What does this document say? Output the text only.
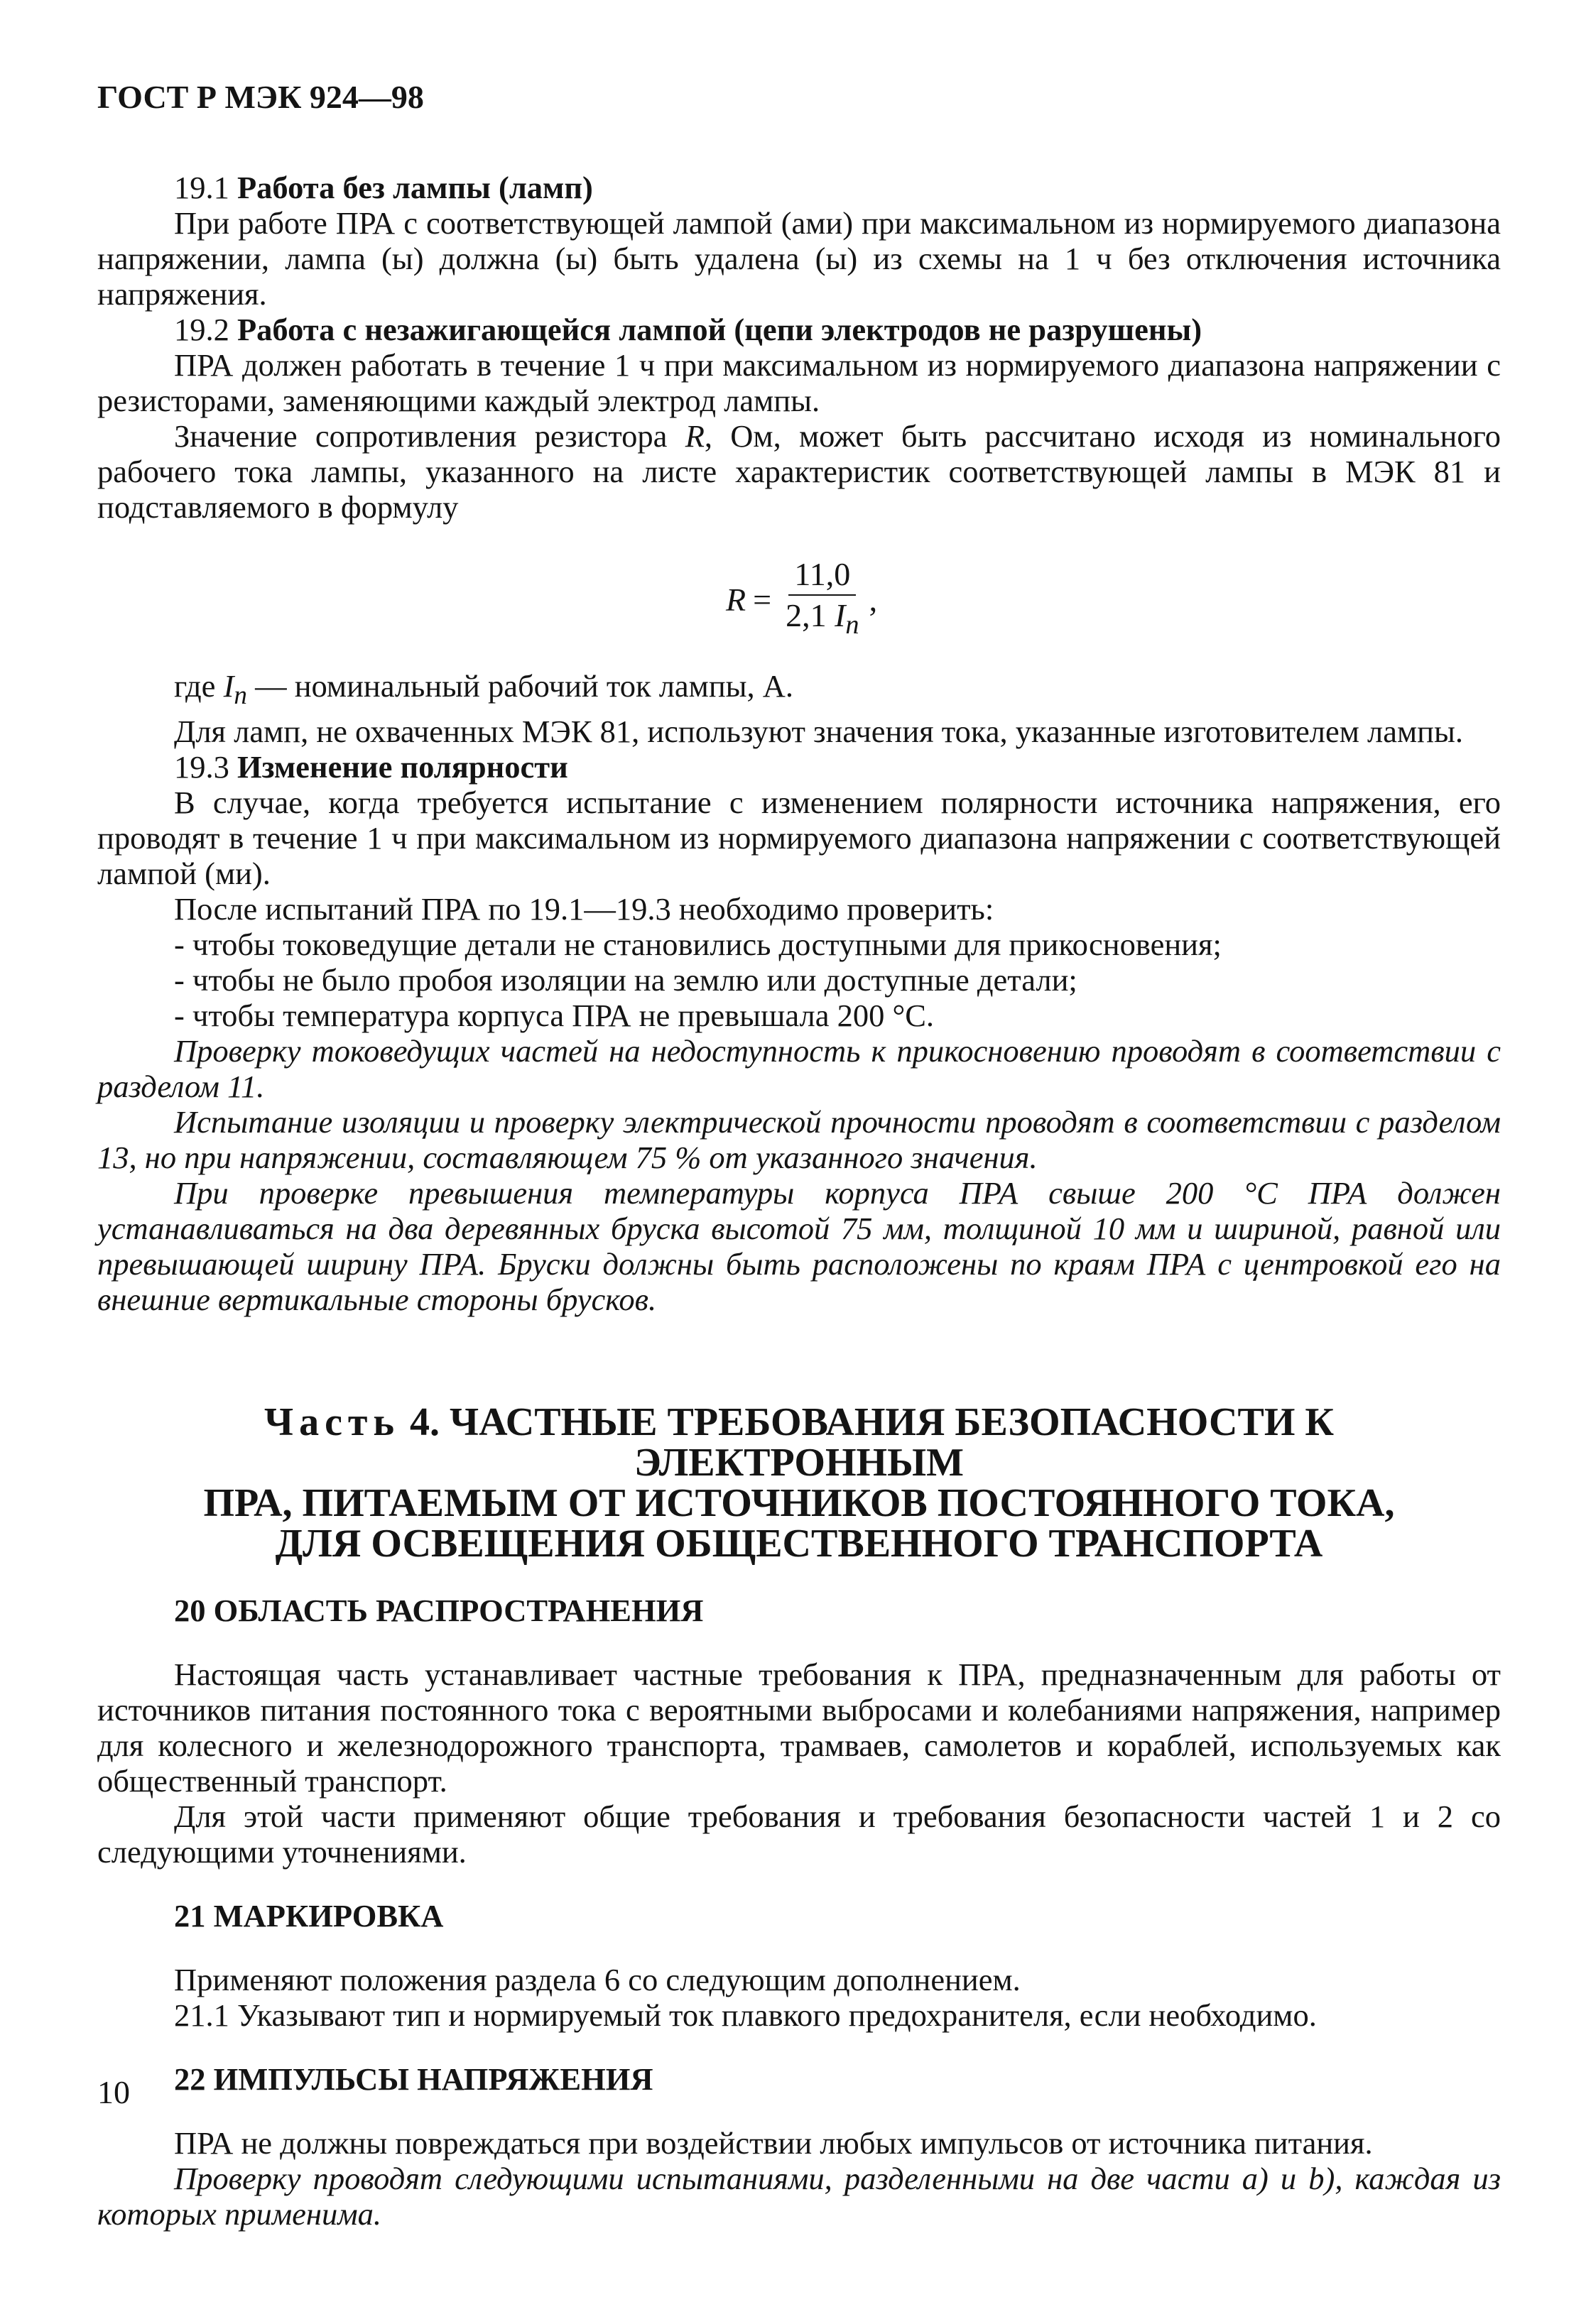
ГОСТ Р МЭК 924—98

19.1 Работа без лампы (ламп)

При работе ПРА с соответствующей лампой (ами) при максимальном из нормируемого диапазона напряжении, лампа (ы) должна (ы) быть удалена (ы) из схемы на 1 ч без отключения источника напряжения.

19.2 Работа с незажигающейся лампой (цепи электродов не разрушены)

ПРА должен работать в течение 1 ч при максимальном из нормируемого диапазона напряжении с резисторами, заменяющими каждый электрод лампы.

Значение сопротивления резистора R, Ом, может быть рассчитано исходя из номинального рабочего тока лампы, указанного на листе характеристик соответствующей лампы в МЭК 81 и подставляемого в формулу

$R = \frac{11,0}{2,1 I_n}$ ,

где $I_n$ — номинальный рабочий ток лампы, А.

Для ламп, не охваченных МЭК 81, используют значения тока, указанные изготовителем лампы.

19.3 Изменение полярности

В случае, когда требуется испытание с изменением полярности источника напряжения, его проводят в течение 1 ч при максимальном из нормируемого диапазона напряжении с соответствующей лампой (ми).

После испытаний ПРА по 19.1—19.3 необходимо проверить:

- чтобы токоведущие детали не становились доступными для прикосновения;
- чтобы не было пробоя изоляции на землю или доступные детали;
- чтобы температура корпуса ПРА не превышала 200 °С.

Проверку токоведущих частей на недоступность к прикосновению проводят в соответствии с разделом 11.

Испытание изоляции и проверку электрической прочности проводят в соответствии с разделом 13, но при напряжении, составляющем 75 % от указанного значения.

При проверке превышения температуры корпуса ПРА свыше 200 °С ПРА должен устанавливаться на два деревянных бруска высотой 75 мм, толщиной 10 мм и шириной, равной или превышающей ширину ПРА. Бруски должны быть расположены по краям ПРА с центровкой его на внешние вертикальные стороны брусков.

Часть 4. ЧАСТНЫЕ ТРЕБОВАНИЯ БЕЗОПАСНОСТИ К ЭЛЕКТРОННЫМ
ПРА, ПИТАЕМЫМ ОТ ИСТОЧНИКОВ ПОСТОЯННОГО ТОКА,
ДЛЯ ОСВЕЩЕНИЯ ОБЩЕСТВЕННОГО ТРАНСПОРТА
20 ОБЛАСТЬ РАСПРОСТРАНЕНИЯ

Настоящая часть устанавливает частные требования к ПРА, предназначенным для работы от источников питания постоянного тока с вероятными выбросами и колебаниями напряжения, например для колесного и железнодорожного транспорта, трамваев, самолетов и кораблей, используемых как общественный транспорт.

Для этой части применяют общие требования и требования безопасности частей 1 и 2 со следующими уточнениями.

21 МАРКИРОВКА

Применяют положения раздела 6 со следующим дополнением.

21.1 Указывают тип и нормируемый ток плавкого предохранителя, если необходимо.

22 ИМПУЛЬСЫ НАПРЯЖЕНИЯ

ПРА не должны повреждаться при воздействии любых импульсов от источника питания.

Проверку проводят следующими испытаниями, разделенными на две части a) и b), каждая из которых применима.

10
